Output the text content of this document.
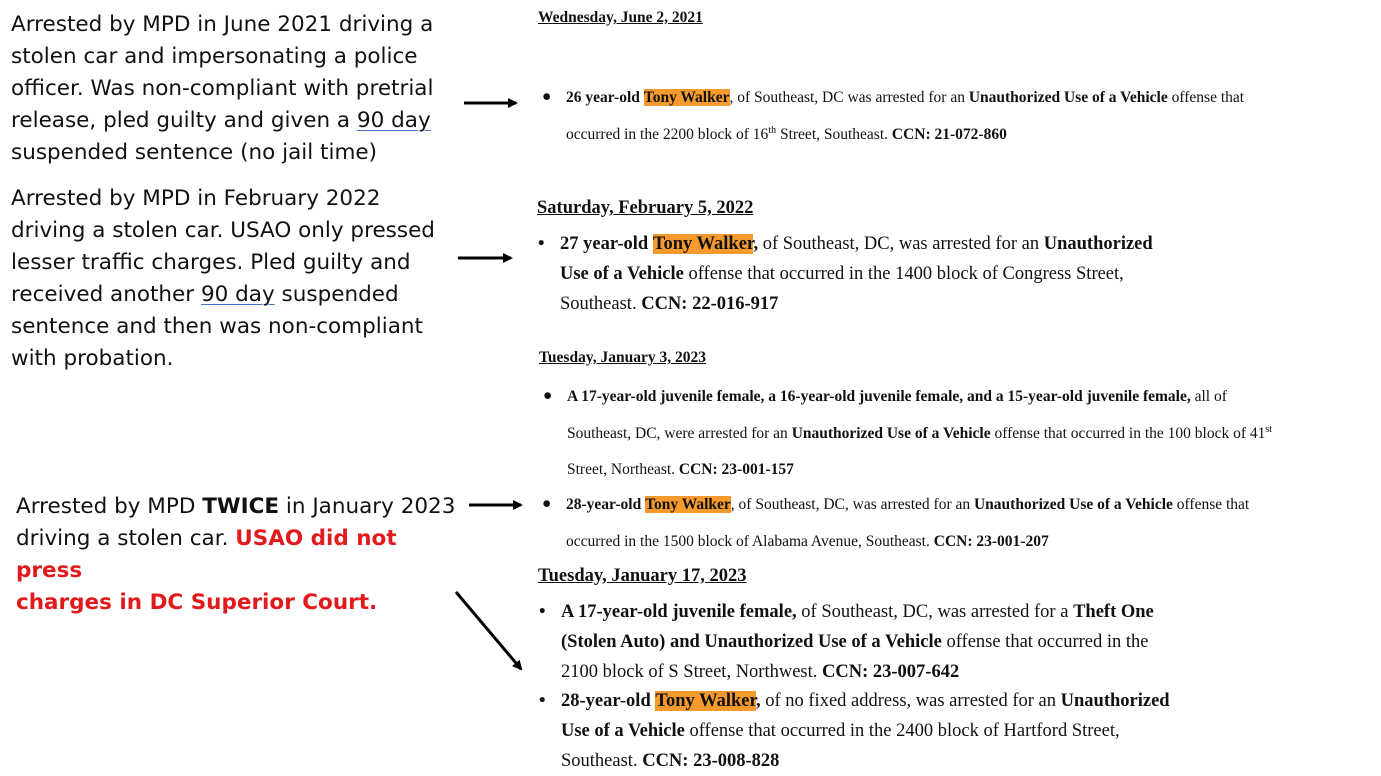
Arrested by MPD in June 2021 driving a
stolen car and impersonating a police
officer. Was non-compliant with pretrial
release, pled guilty and given a 90 day
suspended sentence (no jail time)
Arrested by MPD in February 2022
driving a stolen car. USAO only pressed
lesser traffic charges. Pled guilty and
received another 90 day suspended
sentence and then was non-compliant
with probation.
Arrested by MPD TWICE in January 2023
driving a stolen car. USAO did not press
charges in DC Superior Court.
Wednesday, June 2, 2021
● 26 year-old Tony Walker, of Southeast, DC was arrested for an Unauthorized Use of a Vehicle offense that
occurred in the 2200 block of 16th Street, Southeast. CCN: 21-072-860
Saturday, February 5, 2022
• 27 year-old Tony Walker, of Southeast, DC, was arrested for an Unauthorized
Use of a Vehicle offense that occurred in the 1400 block of Congress Street,
Southeast. CCN: 22-016-917
Tuesday, January 3, 2023
● A 17-year-old juvenile female, a 16-year-old juvenile female, and a 15-year-old juvenile female, all of
Southeast, DC, were arrested for an Unauthorized Use of a Vehicle offense that occurred in the 100 block of 41st
Street, Northeast. CCN: 23-001-157
● 28-year-old Tony Walker, of Southeast, DC, was arrested for an Unauthorized Use of a Vehicle offense that
occurred in the 1500 block of Alabama Avenue, Southeast. CCN: 23-001-207
Tuesday, January 17, 2023
• A 17-year-old juvenile female, of Southeast, DC, was arrested for a Theft One
(Stolen Auto) and Unauthorized Use of a Vehicle offense that occurred in the
2100 block of S Street, Northwest. CCN: 23-007-642
• 28-year-old Tony Walker, of no fixed address, was arrested for an Unauthorized
Use of a Vehicle offense that occurred in the 2400 block of Hartford Street,
Southeast. CCN: 23-008-828
